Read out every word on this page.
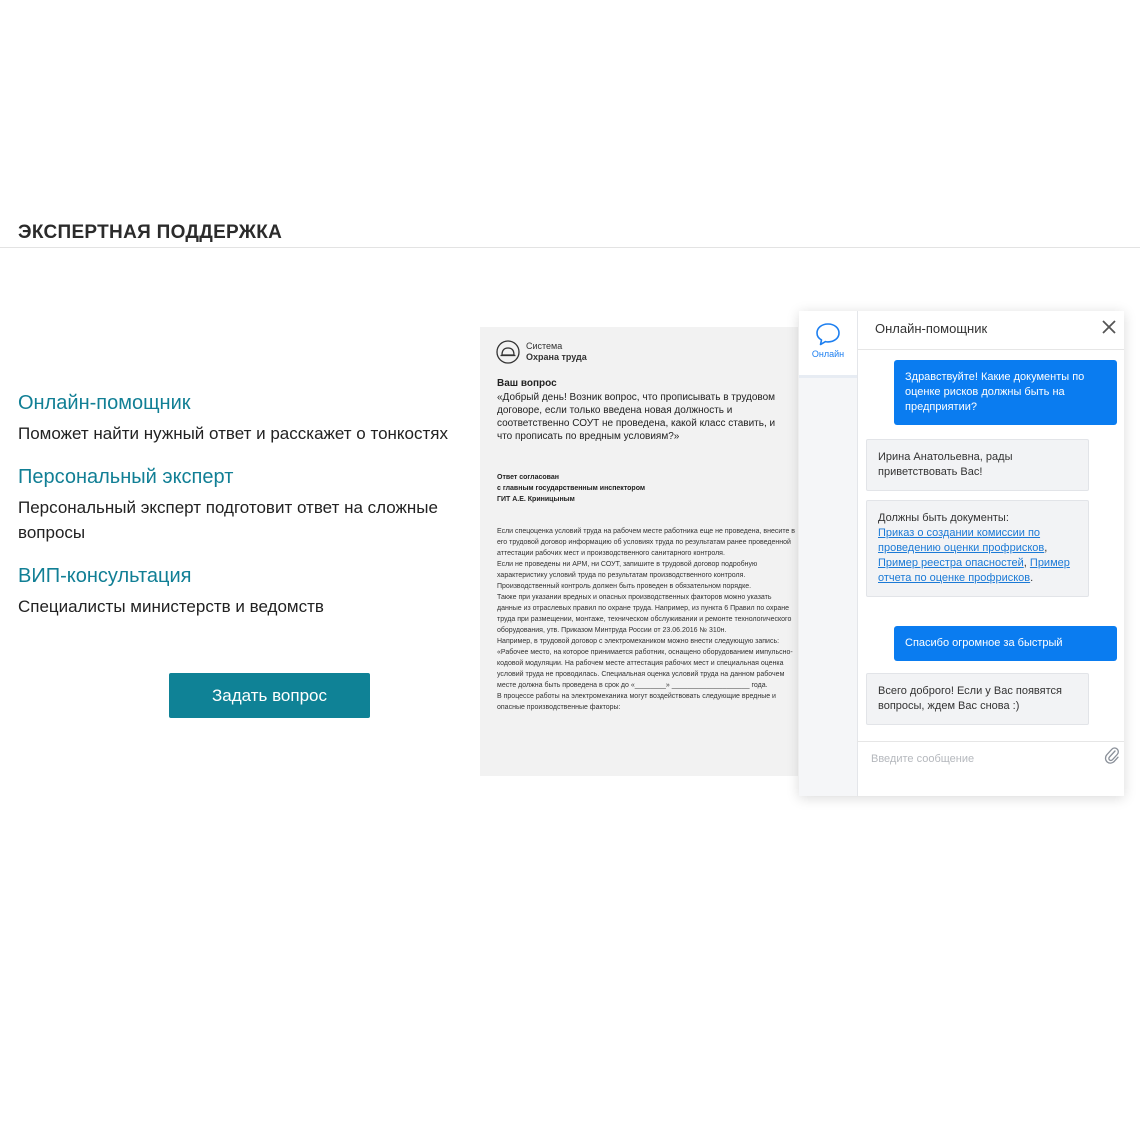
ЭКСПЕРТНАЯ ПОДДЕРЖКА
Онлайн-помощник

Поможет найти нужный ответ и расскажет о тонкостях

Персональный эксперт

Персональный эксперт подготовит ответ на сложные вопросы

ВИП-консультация

Специалисты министерств и ведомств

Задать вопрос
Система
Охрана труда
Ваш вопрос
«Добрый день! Возник вопрос, что прописывать в трудовом договоре, если только введена новая должность и соответственно СОУТ не проведена, какой класс ставить, и что прописать по вредным условиям?»
Ответ согласован
с главным государственным инспектором
ГИТ А.Е. Криницыным
Если спецоценка условий труда на рабочем месте работника еще не проведена, внесите в его трудовой договор информацию об условиях труда по результатам ранее проведенной аттестации рабочих мест и производственного санитарного контроля.
Если не проведены ни АРМ, ни СОУТ, запишите в трудовой договор подробную характеристику условий труда по результатам производственного контроля. Производственный контроль должен быть проведен в обязательном порядке.
Также при указании вредных и опасных производственных факторов можно указать данные из отраслевых правил по охране труда. Например, из пункта 6 Правил по охране труда при размещении, монтаже, техническом обслуживании и ремонте технологического оборудования, утв. Приказом Минтруда России от 23.06.2016 № 310н.
Например, в трудовой договор с электромехаником можно внести следующую запись:
«Рабочее место, на которое принимается работник, оснащено оборудованием импульсно-кодовой модуляции. На рабочем месте аттестация рабочих мест и специальная оценка условий труда не проводилась. Специальная оценка условий труда на данном рабочем месте должна быть проведена в срок до «________» ____________________ года.
В процессе работы на электромеханика могут воздействовать следующие вредные и опасные производственные факторы:
Онлайн
Онлайн-помощник
Здравствуйте! Какие документы по оценке рисков должны быть на предприятии?
Ирина Анатольевна, рады приветствовать Вас!
Должны быть документы:
Приказ о создании комиссии по проведению оценки профрисков, Пример реестра опасностей, Пример отчета по оценке профрисков.
Спасибо огромное за быстрый
Всего доброго! Если у Вас появятся вопросы, ждем Вас снова :)
Введите сообщение
